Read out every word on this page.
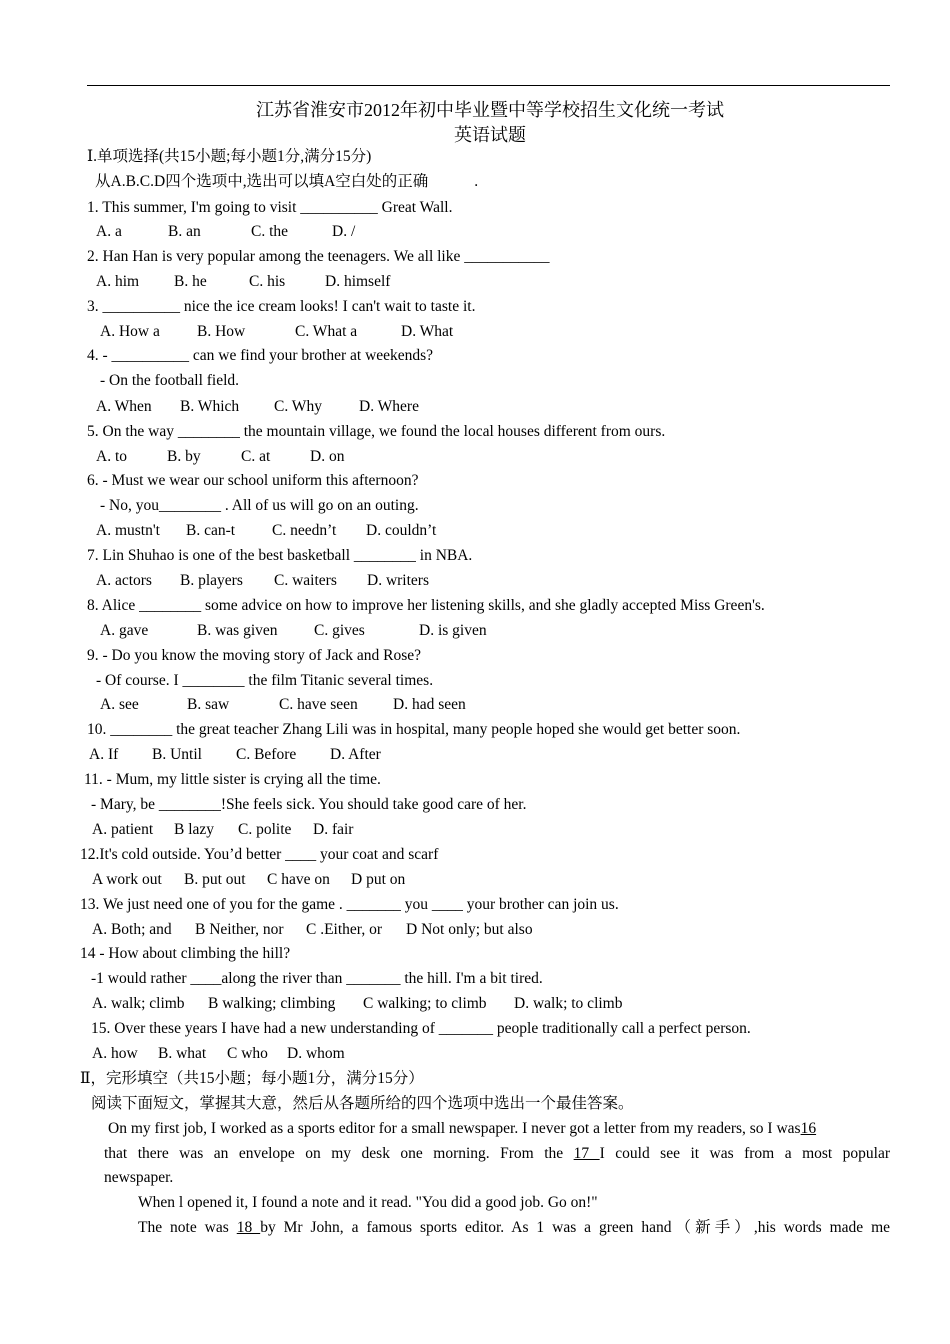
江苏省淮安市2012年初中毕业暨中等学校招生文化统一考试
英语试题
Ⅰ.单项选择(共15小题;每小题1分,满分15分)
从A.B.C.D四个选项中,选出可以填A空白处的正确	.
1. This summer, I'm going to visit __________ Great Wall.
A. a	B. an	C. the	D. /
2. Han Han is very popular among the teenagers. We all like ___________
A. him B. he	C. his	D. himself
3. __________ nice the ice cream looks! I can't wait to taste it.
A. How a B. How	C. What a	D. What
4. - __________ can we find your brother at weekends?
- On the football field.
A. When B. Which C. Why D. Where
5. On the way ________ the mountain village, we found the local houses different from ours.
A. to	B. by	C. at	D. on
6. - Must we wear our school uniform this afternoon?
- No, you________ . All of us will go on an outing.
A. mustn't B. can-t C. needn’t D. couldn’t
7. Lin Shuhao is one of the best basketball ________ in NBA.
A. actors B. players C. waiters D. writers
8. Alice ________ some advice on how to improve her listening skills, and she gladly accepted Miss Green's.
A. gave	B. was given C. gives	D. is given
9. - Do you know the moving story of Jack and Rose?
- Of course. I ________ the film Titanic several times.
A. see	B. saw	C. have seen D. had seen
10. ________ the great teacher Zhang Lili was in hospital, many people hoped she would get better soon.
A. If B. Until C. Before D. After
11. - Mum, my little sister is crying all the time.
- Mary, be ________!She feels sick. You should take good care of her.
A. patient B lazy C. polite D. fair
12.It's cold outside. You’d better ____ your coat and scarf
A work out B. put out C have on D put on
13. We just need one of you for the game . _______ you ____ your brother can join us.
A. Both; and B Neither, nor C .Either, or D Not only; but also
14 - How about climbing the hill?
-1 would rather ____along the river than _______ the hill. I'm a bit tired.
A. walk; climb B walking; climbing C walking; to climb D. walk; to climb
15. Over these years I have had a new understanding of _______ people traditionally call a perfect person.
A. how B. what C who D. whom
Ⅱ，完形填空（共15小题；每小题1分，满分15分）
阅读下面短文，掌握其大意，然后从各题所给的四个选项中选出一个最佳答案。
On my first job, I worked as a sports editor for a small newspaper. I never got a letter from my readers, so I was16
that there was an envelope on my desk one morning. From the 17 I could see it was from a most popular
newspaper.
When l opened it, I found a note and it read. "You did a good job. Go on!"
The note was 18 by Mr John, a famous sports editor. As 1 was a green hand（新手）,his words made me
